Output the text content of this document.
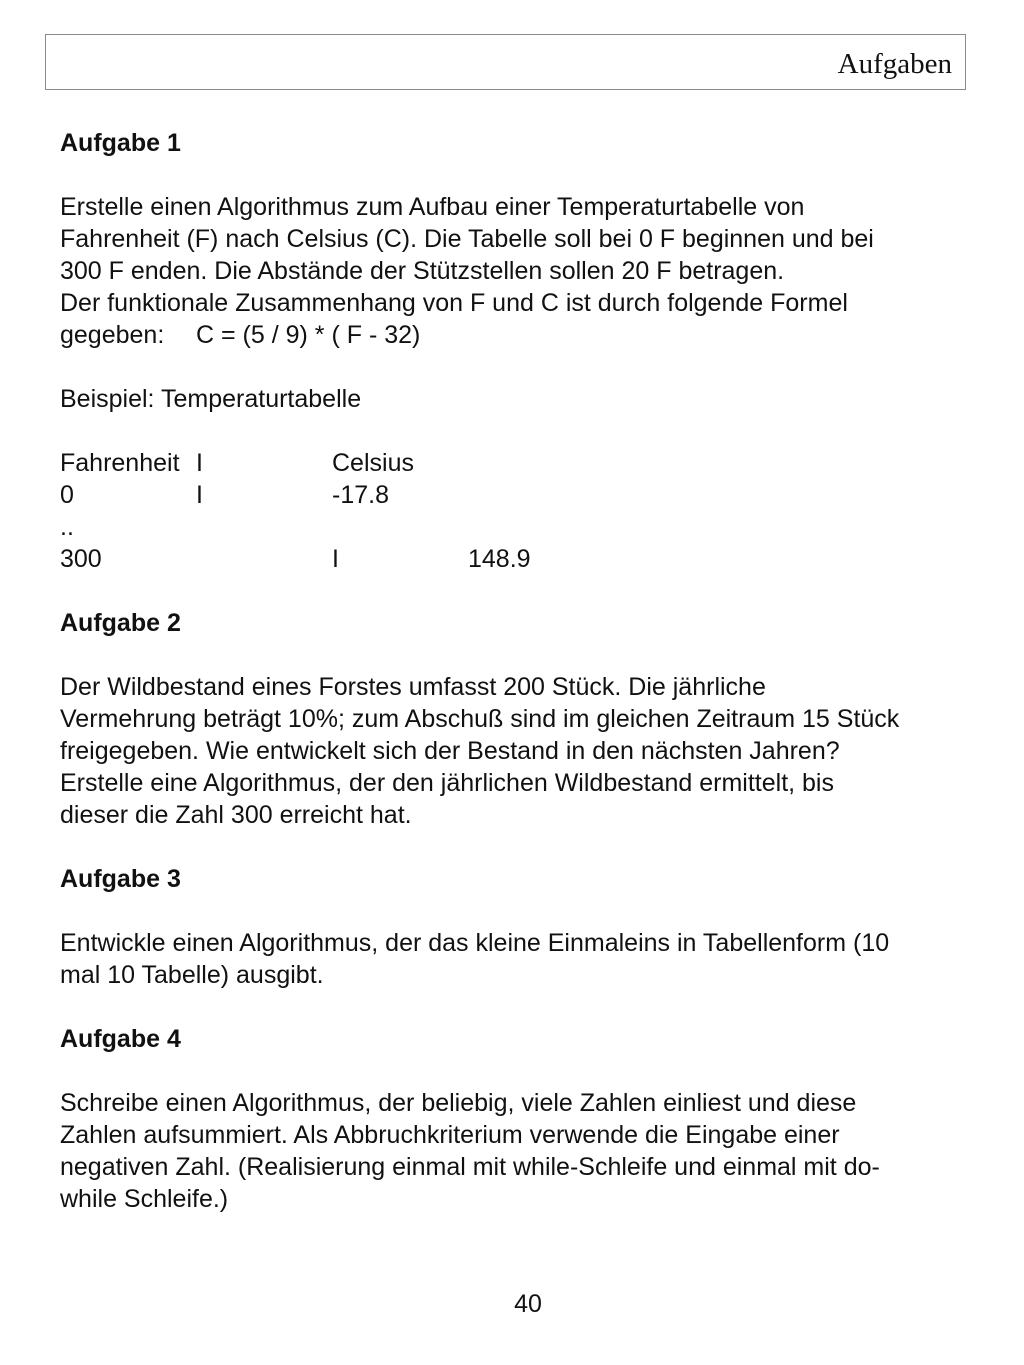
Aufgaben
Aufgabe 1
Erstelle einen Algorithmus zum Aufbau einer Temperaturtabelle von
Fahrenheit (F) nach Celsius (C). Die Tabelle soll bei 0 F beginnen und bei
300 F enden. Die Abstände der Stützstellen sollen 20 F betragen.
Der funktionale Zusammenhang von F und C ist durch folgende Formel
gegeben: C = (5 / 9) * ( F - 32)
Beispiel: Temperaturtabelle
Fahrenheit I	Celsius
0	I	-17.8
..
300	I	148.9
Aufgabe 2
Der Wildbestand eines Forstes umfasst 200 Stück. Die jährliche
Vermehrung beträgt 10%; zum Abschuß sind im gleichen Zeitraum 15 Stück
freigegeben. Wie entwickelt sich der Bestand in den nächsten Jahren?
Erstelle eine Algorithmus, der den jährlichen Wildbestand ermittelt, bis
dieser die Zahl 300 erreicht hat.
Aufgabe 3
Entwickle einen Algorithmus, der das kleine Einmaleins in Tabellenform (10
mal 10 Tabelle) ausgibt.
Aufgabe 4
Schreibe einen Algorithmus, der beliebig, viele Zahlen einliest und diese
Zahlen aufsummiert. Als Abbruchkriterium verwende die Eingabe einer
negativen Zahl. (Realisierung einmal mit while-Schleife und einmal mit do-
while Schleife.)
40
